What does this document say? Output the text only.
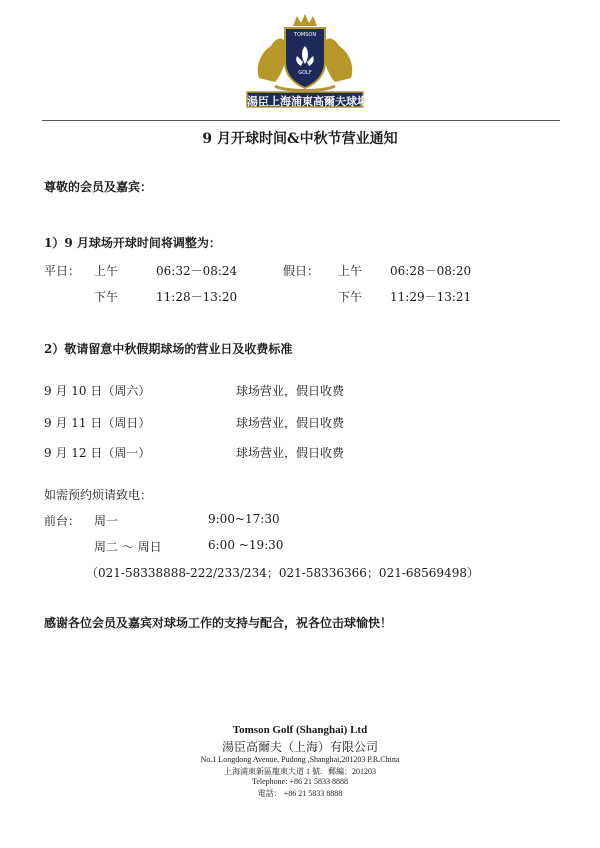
TOMSON
GOLF
湯臣上海浦東高爾夫球場
9 月开球时间&中秋节营业通知
尊敬的会员及嘉宾：
1）9 月球场开球时间将调整为：
平日： 上午	06:32－08:24	假日： 上午 06:28－08:20
下午	11:28－13:20	下午 11:29－13:21
2）敬请留意中秋假期球场的营业日及收费标准
9 月 10 日（周六）	球场营业，假日收费
9 月 11 日（周日）	球场营业，假日收费
9 月 12 日（周一）	球场营业，假日收费
如需预约烦请致电：
前台： 周一	9:00~17:30
周二 ～ 周日	6:00 ~19:30
（021-58338888-222/233/234；021-58336366；021-68569498）
感谢各位会员及嘉宾对球场工作的支持与配合，祝各位击球愉快！
Tomson Golf (Shanghai) Ltd
湯臣高爾夫（上海）有限公司
No.1 Longdong Avenue, Pudong ,Shanghai,201203 P.R.China
上海浦東新區龍東大道 1 號．郵編：201203
Telephone: +86 21 5833 8888
電話： +86 21 5833 8888
